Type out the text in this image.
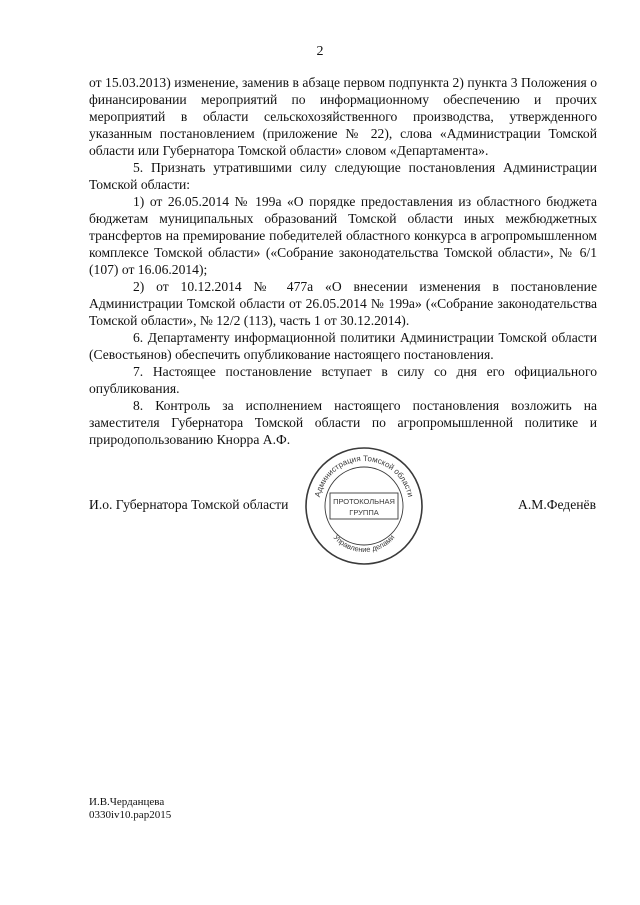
2

от 15.03.2013) изменение, заменив в абзаце первом подпункта 2) пункта 3 Положения о финансировании мероприятий по информационному обеспечению и прочих мероприятий в области сельскохозяйственного производства, утвержденного указанным постановлением (приложение № 22), слова «Администрации Томской области или Губернатора Томской области» словом «Департамента».

5. Признать утратившими силу следующие постановления Администрации Томской области:

1) от 26.05.2014 № 199а «О порядке предоставления из областного бюджета бюджетам муниципальных образований Томской области иных межбюджетных трансфертов на премирование победителей областного конкурса в агропромышленном комплексе Томской области» («Собрание законодательства Томской области», № 6/1 (107) от 16.06.2014);

2) от 10.12.2014 № 477а «О внесении изменения в постановление Администрации Томской области от 26.05.2014 № 199а» («Собрание законодательства Томской области», № 12/2 (113), часть 1 от 30.12.2014).

6. Департаменту информационной политики Администрации Томской области (Севостьянов) обеспечить опубликование настоящего постановления.

7. Настоящее постановление вступает в силу со дня его официального опубликования.

8. Контроль за исполнением настоящего постановления возложить на заместителя Губернатора Томской области по агропромышленной политике и природопользованию Кнорра А.Ф.

И.о. Губернатора Томской области	А.М.Феденёв
Администрация Томской области
ПРОТОКОЛЬНАЯ
ГРУППА
Управление делами
И.В.Черданцева
0330iv10.рар2015
